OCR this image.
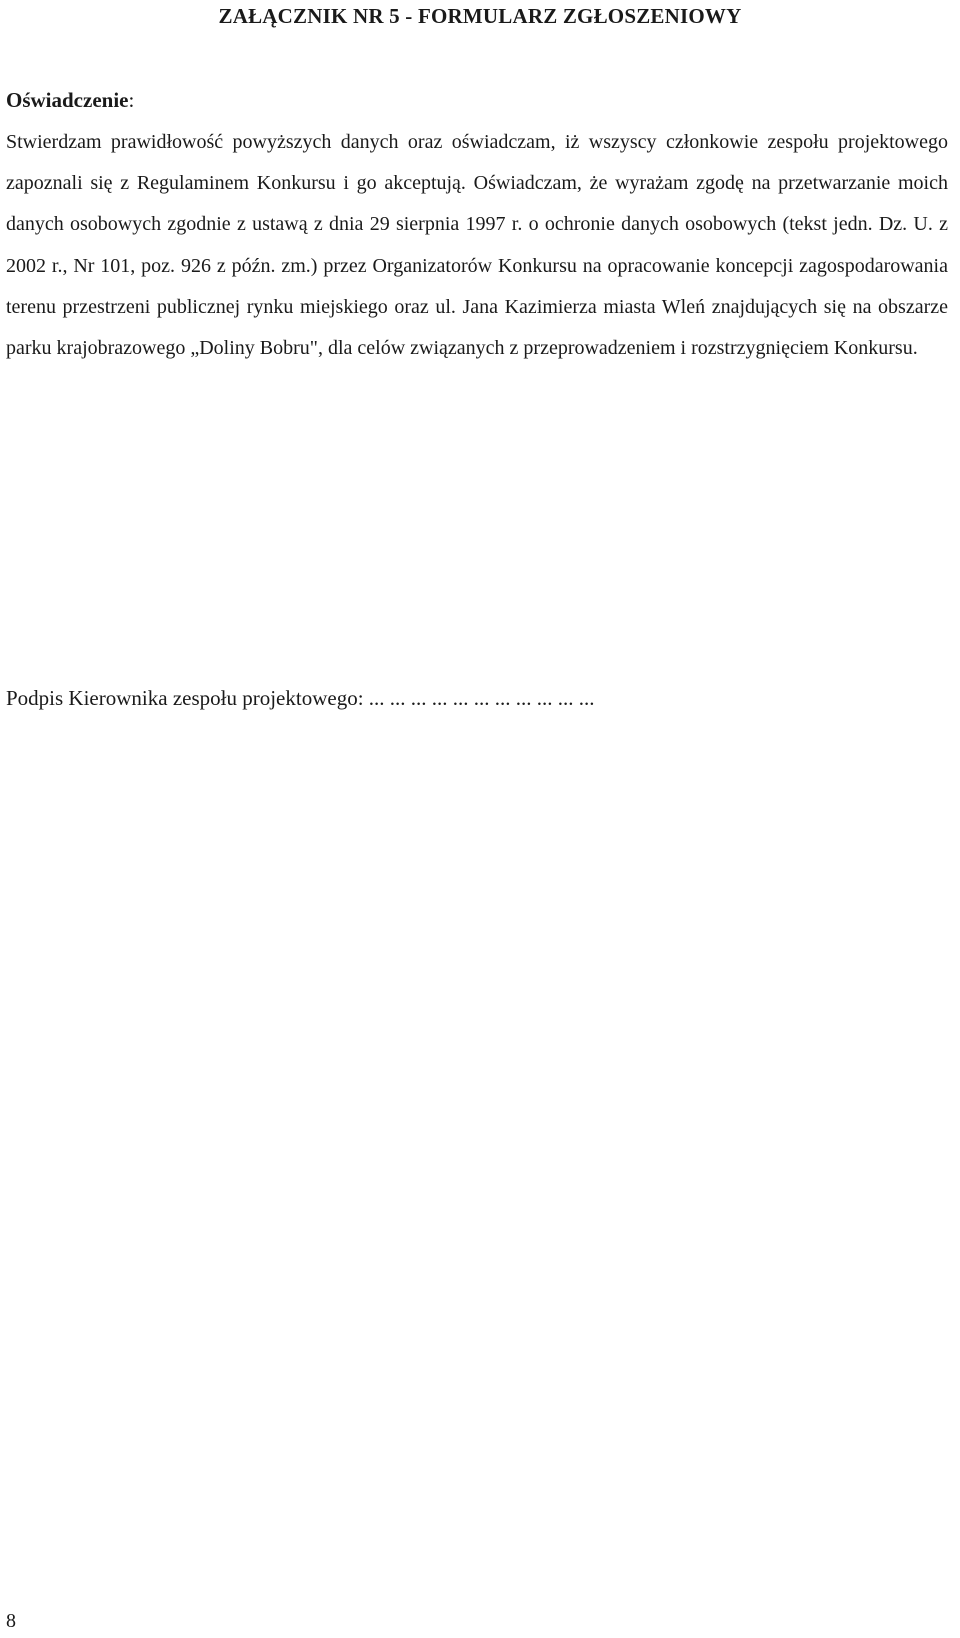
ZAŁĄCZNIK NR 5 - FORMULARZ ZGŁOSZENIOWY
Oświadczenie:

Stwierdzam prawidłowość powyższych danych oraz oświadczam, iż wszyscy członkowie zespołu projektowego zapoznali się z Regulaminem Konkursu i go akceptują. Oświadczam, że wyrażam zgodę na przetwarzanie moich danych osobowych zgodnie z ustawą z dnia 29 sierpnia 1997 r. o ochronie danych osobowych (tekst jedn. Dz. U. z 2002 r., Nr 101, poz. 926 z późn. zm.) przez Organizatorów Konkursu na opracowanie koncepcji zagospodarowania terenu przestrzeni publicznej rynku miejskiego oraz ul. Jana Kazimierza miasta Wleń znajdujących się na obszarze parku krajobrazowego „Doliny Bobru", dla celów związanych z przeprowadzeniem i rozstrzygnięciem Konkursu.

Podpis Kierownika zespołu projektowego: ... ... ... ... ... ... ... ... ... ... ...
8
